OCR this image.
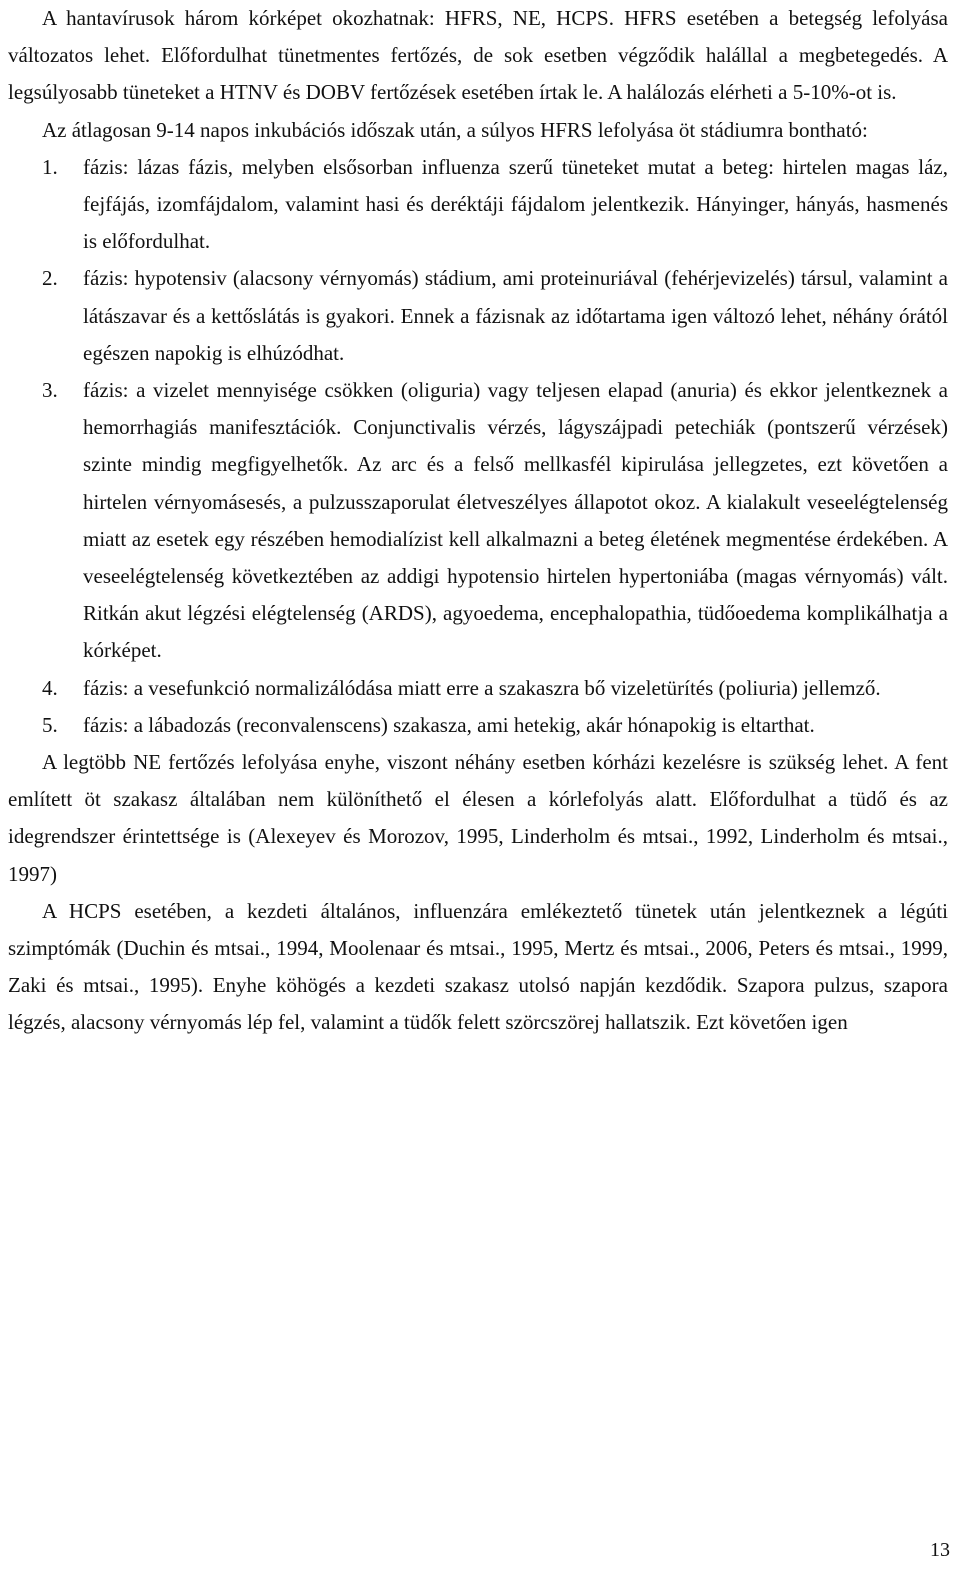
A hantavírusok három kórképet okozhatnak: HFRS, NE, HCPS. HFRS esetében a betegség lefolyása változatos lehet. Előfordulhat tünetmentes fertőzés, de sok esetben végződik halállal a megbetegedés. A legsúlyosabb tüneteket a HTNV és DOBV fertőzések esetében írtak le. A halálozás elérheti a 5-10%-ot is.

Az átlagosan 9-14 napos inkubációs időszak után, a súlyos HFRS lefolyása öt stádiumra bontható:

1. fázis: lázas fázis, melyben elsősorban influenza szerű tüneteket mutat a beteg: hirtelen magas láz, fejfájás, izomfájdalom, valamint hasi és deréktáji fájdalom jelentkezik. Hányinger, hányás, hasmenés is előfordulhat.
2. fázis: hypotensiv (alacsony vérnyomás) stádium, ami proteinuriával (fehérjevizelés) társul, valamint a látászavar és a kettőslátás is gyakori. Ennek a fázisnak az időtartama igen változó lehet, néhány órától egészen napokig is elhúzódhat.
3. fázis: a vizelet mennyisége csökken (oliguria) vagy teljesen elapad (anuria) és ekkor jelentkeznek a hemorrhagiás manifesztációk. Conjunctivalis vérzés, lágyszájpadi petechiák (pontszerű vérzések) szinte mindig megfigyelhetők. Az arc és a felső mellkasfél kipirulása jellegzetes, ezt követően a hirtelen vérnyomásesés, a pulzusszaporulat életveszélyes állapotot okoz. A kialakult veseelégtelenség miatt az esetek egy részében hemodialízist kell alkalmazni a beteg életének megmentése érdekében. A veseelégtelenség következtében az addigi hypotensio hirtelen hypertoniába (magas vérnyomás) vált. Ritkán akut légzési elégtelenség (ARDS), agyoedema, encephalopathia, tüdőoedema komplikálhatja a kórképet.
4. fázis: a vesefunkció normalizálódása miatt erre a szakaszra bő vizeletürítés (poliuria) jellemző.
5. fázis: a lábadozás (reconvalenscens) szakasza, ami hetekig, akár hónapokig is eltarthat.

A legtöbb NE fertőzés lefolyása enyhe, viszont néhány esetben kórházi kezelésre is szükség lehet. A fent említett öt szakasz általában nem különíthető el élesen a kórlefolyás alatt. Előfordulhat a tüdő és az idegrendszer érintettsége is (Alexeyev és Morozov, 1995, Linderholm és mtsai., 1992, Linderholm és mtsai., 1997)

A HCPS esetében, a kezdeti általános, influenzára emlékeztető tünetek után jelentkeznek a légúti szimptómák (Duchin és mtsai., 1994, Moolenaar és mtsai., 1995, Mertz és mtsai., 2006, Peters és mtsai., 1999, Zaki és mtsai., 1995). Enyhe köhögés a kezdeti szakasz utolsó napján kezdődik. Szapora pulzus, szapora légzés, alacsony vérnyomás lép fel, valamint a tüdők felett szörcszörej hallatszik. Ezt követően igen

13
